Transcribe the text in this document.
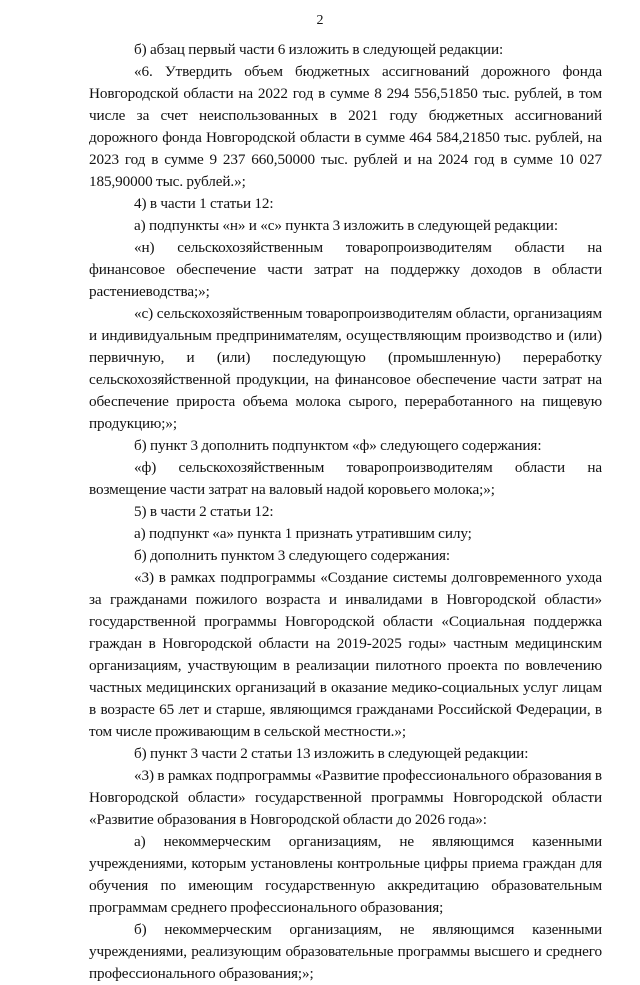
2

б) абзац первый части 6 изложить в следующей редакции:

«6. Утвердить объем бюджетных ассигнований дорожного фонда Новгородской области на 2022 год в сумме 8 294 556,51850 тыс. рублей, в том числе за счет неиспользованных в 2021 году бюджетных ассигнований дорожного фонда Новгородской области в сумме 464 584,21850 тыс. рублей, на 2023 год в сумме 9 237 660,50000 тыс. рублей и на 2024 год в сумме 10 027 185,90000 тыс. рублей.»;

4) в части 1 статьи 12:

а) подпункты «н» и «с» пункта 3 изложить в следующей редакции:

«н) сельскохозяйственным товаропроизводителям области на финансовое обеспечение части затрат на поддержку доходов в области растениеводства;»;

«с) сельскохозяйственным товаропроизводителям области, организациям и индивидуальным предпринимателям, осуществляющим производство и (или) первичную, и (или) последующую (промышленную) переработку сельскохозяйственной продукции, на финансовое обеспечение части затрат на обеспечение прироста объема молока сырого, переработанного на пищевую продукцию;»;

б) пункт 3 дополнить подпунктом «ф» следующего содержания:

«ф) сельскохозяйственным товаропроизводителям области на возмещение части затрат на валовый надой коровьего молока;»;

5) в части 2 статьи 12:

а) подпункт «а» пункта 1 признать утратившим силу;

б) дополнить пунктом 3 следующего содержания:

«3) в рамках подпрограммы «Создание системы долговременного ухода за гражданами пожилого возраста и инвалидами в Новгородской области» государственной программы Новгородской области «Социальная поддержка граждан в Новгородской области на 2019-2025 годы» частным медицинским организациям, участвующим в реализации пилотного проекта по вовлечению частных медицинских организаций в оказание медико-социальных услуг лицам в возрасте 65 лет и старше, являющимся гражданами Российской Федерации, в том числе проживающим в сельской местности.»;

б) пункт 3 части 2 статьи 13 изложить в следующей редакции:

«3) в рамках подпрограммы «Развитие профессионального образования в Новгородской области» государственной программы Новгородской области «Развитие образования в Новгородской области до 2026 года»:

а) некоммерческим организациям, не являющимся казенными учреждениями, которым установлены контрольные цифры приема граждан для обучения по имеющим государственную аккредитацию образовательным программам среднего профессионального образования;

б) некоммерческим организациям, не являющимся казенными учреждениями, реализующим образовательные программы высшего и среднего профессионального образования;»;
